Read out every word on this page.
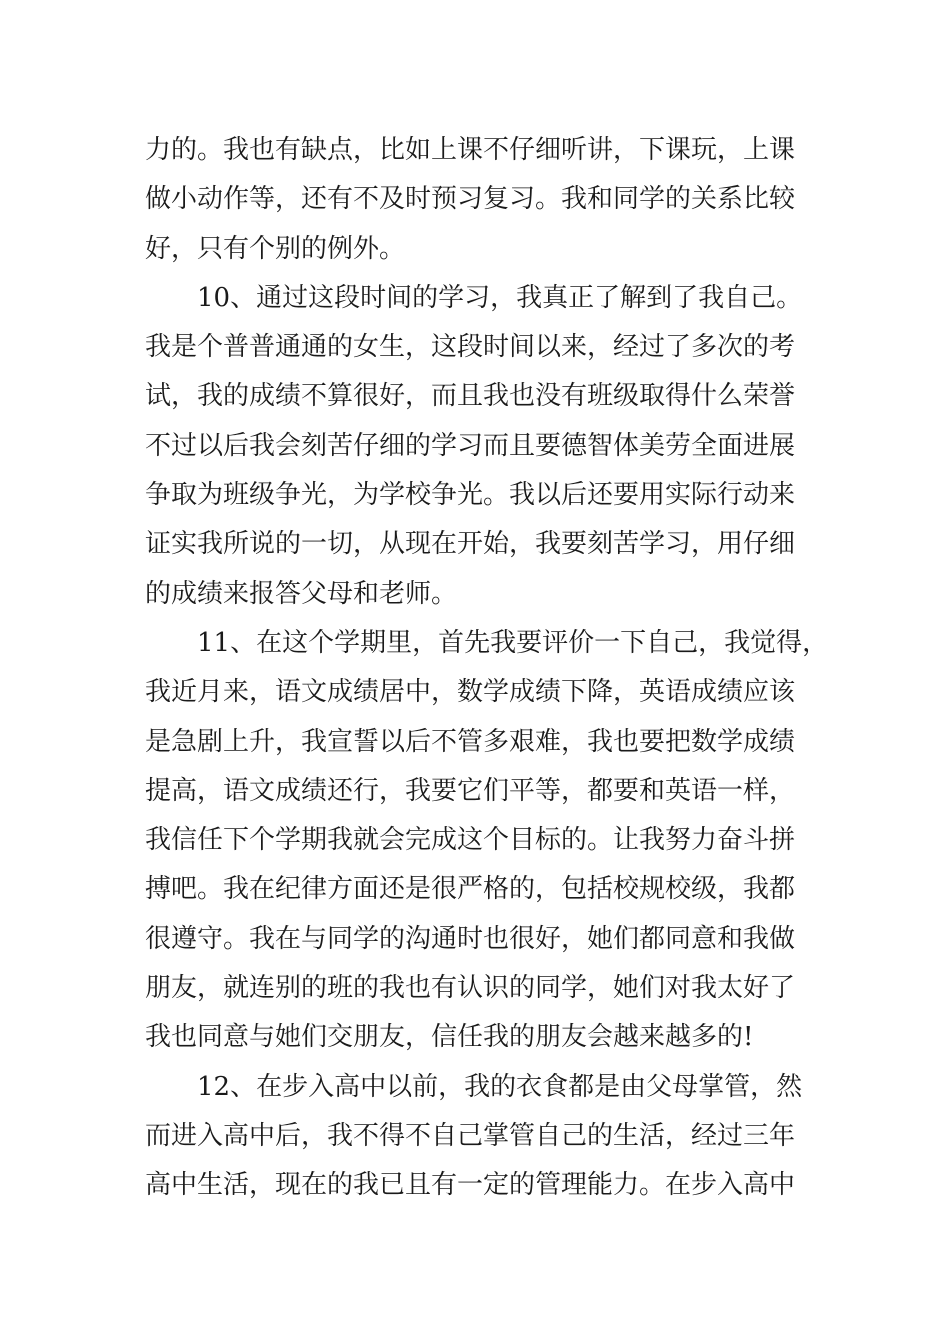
力的。我也有缺点，比如上课不仔细听讲，下课玩，上课
做小动作等，还有不及时预习复习。我和同学的关系比较
好，只有个别的例外。
10、通过这段时间的学习，我真正了解到了我自己。
我是个普普通通的女生，这段时间以来，经过了多次的考
试，我的成绩不算很好，而且我也没有班级取得什么荣誉
不过以后我会刻苦仔细的学习而且要德智体美劳全面进展
争取为班级争光，为学校争光。我以后还要用实际行动来
证实我所说的一切，从现在开始，我要刻苦学习，用仔细
的成绩来报答父母和老师。
11、在这个学期里，首先我要评价一下自己，我觉得，
我近月来，语文成绩居中，数学成绩下降，英语成绩应该
是急剧上升，我宣誓以后不管多艰难，我也要把数学成绩
提高，语文成绩还行，我要它们平等，都要和英语一样，
我信任下个学期我就会完成这个目标的。让我努力奋斗拼
搏吧。我在纪律方面还是很严格的，包括校规校级，我都
很遵守。我在与同学的沟通时也很好，她们都同意和我做
朋友，就连别的班的我也有认识的同学，她们对我太好了
我也同意与她们交朋友，信任我的朋友会越来越多的!
12、在步入高中以前，我的衣食都是由父母掌管，然
而进入高中后，我不得不自己掌管自己的生活，经过三年
高中生活，现在的我已且有一定的管理能力。在步入高中
